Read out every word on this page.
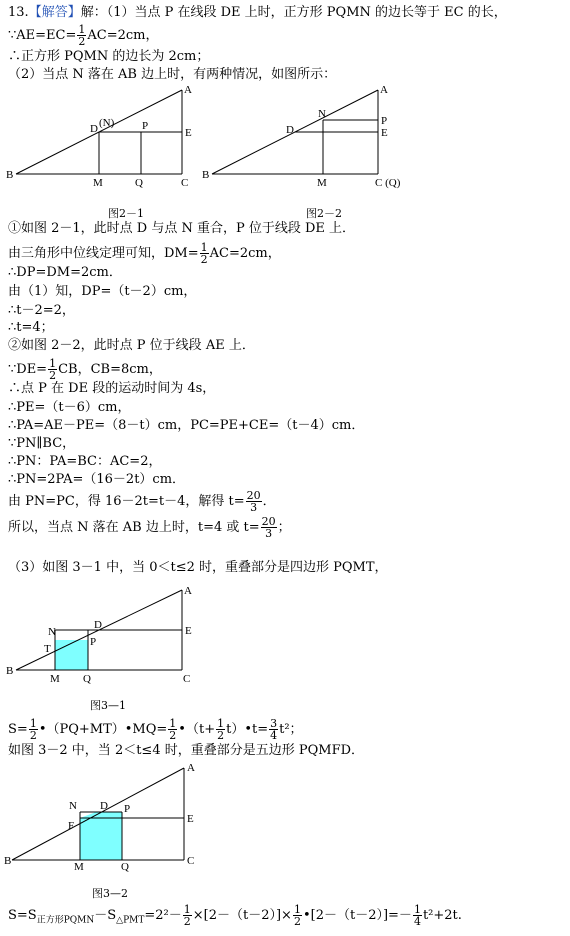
13.【解答】解：（1）当点 P 在线段 DE 上时，正方形 PQMN 的边长等于 EC 的长，
∵AE=EC= $\frac{1}{2} AC=2cm$，
∴正方形 PQMN 的边长为 2cm；
（2）当点 N 落在 AB 边上时，有两种情况，如图所示：
A
B
C
D (N)	P
E
M	Q
图2－1
A
B
C (Q)
D
N
P
E
M
图2－2
①如图 2－1，此时点 D 与点 N 重合，P 位于线段 DE 上．
由三角形中位线定理可知，$DM= \frac{1}{2} AC=2cm$，
∴DP=DM=2cm．
由（1）知，DP=（t－2）cm，
∴t－2=2，
∴t=4；
②如图 2－2，此时点 P 位于线段 AE 上．
∵DE= $\frac{1}{2}$ CB，CB=8cm，
∴点 P 在 DE 段的运动时间为 4s，
∴PE=（t－6）cm，
∴PA=AE－PE=（8－t）cm，PC=PE+CE=（t－4）cm．
∵PN∥BC，
∴PN：PA=BC：AC=2，
∴PN=2PA=（16－2t）cm．
由 PN=PC，得 16－2t=t－4，解得 $t= \frac{20}{3}$ ．
所以，当点 N 落在 AB 边上时，t=4 或 $t= \frac{20}{3}$ ；
（3）如图 3－1 中，当 0＜t≤2 时，重叠部分是四边形 PQMT，
A
B
C
D	E
N
T
P
M Q
图3—1
$S= \frac{1}{2}$ •（PQ+MT）•MQ= $\frac{1}{2}$ •（t+ $\frac{1}{2}$ t）•t= $\frac{3}{4} t^2$；
如图 3－2 中，当 2＜t≤4 时，重叠部分是五边形 PQMFD．
A
B	C
D
E
N
F
P
M	Q
图3—2
$S=S_{正方形PQMN}-S_{\triangle PMT}=2^2- \frac{1}{2} \times[2-(t-2)]\times \frac{1}{2}$ •[2－（t－2）]=－ $\frac{1}{4} t^2+2t$.
